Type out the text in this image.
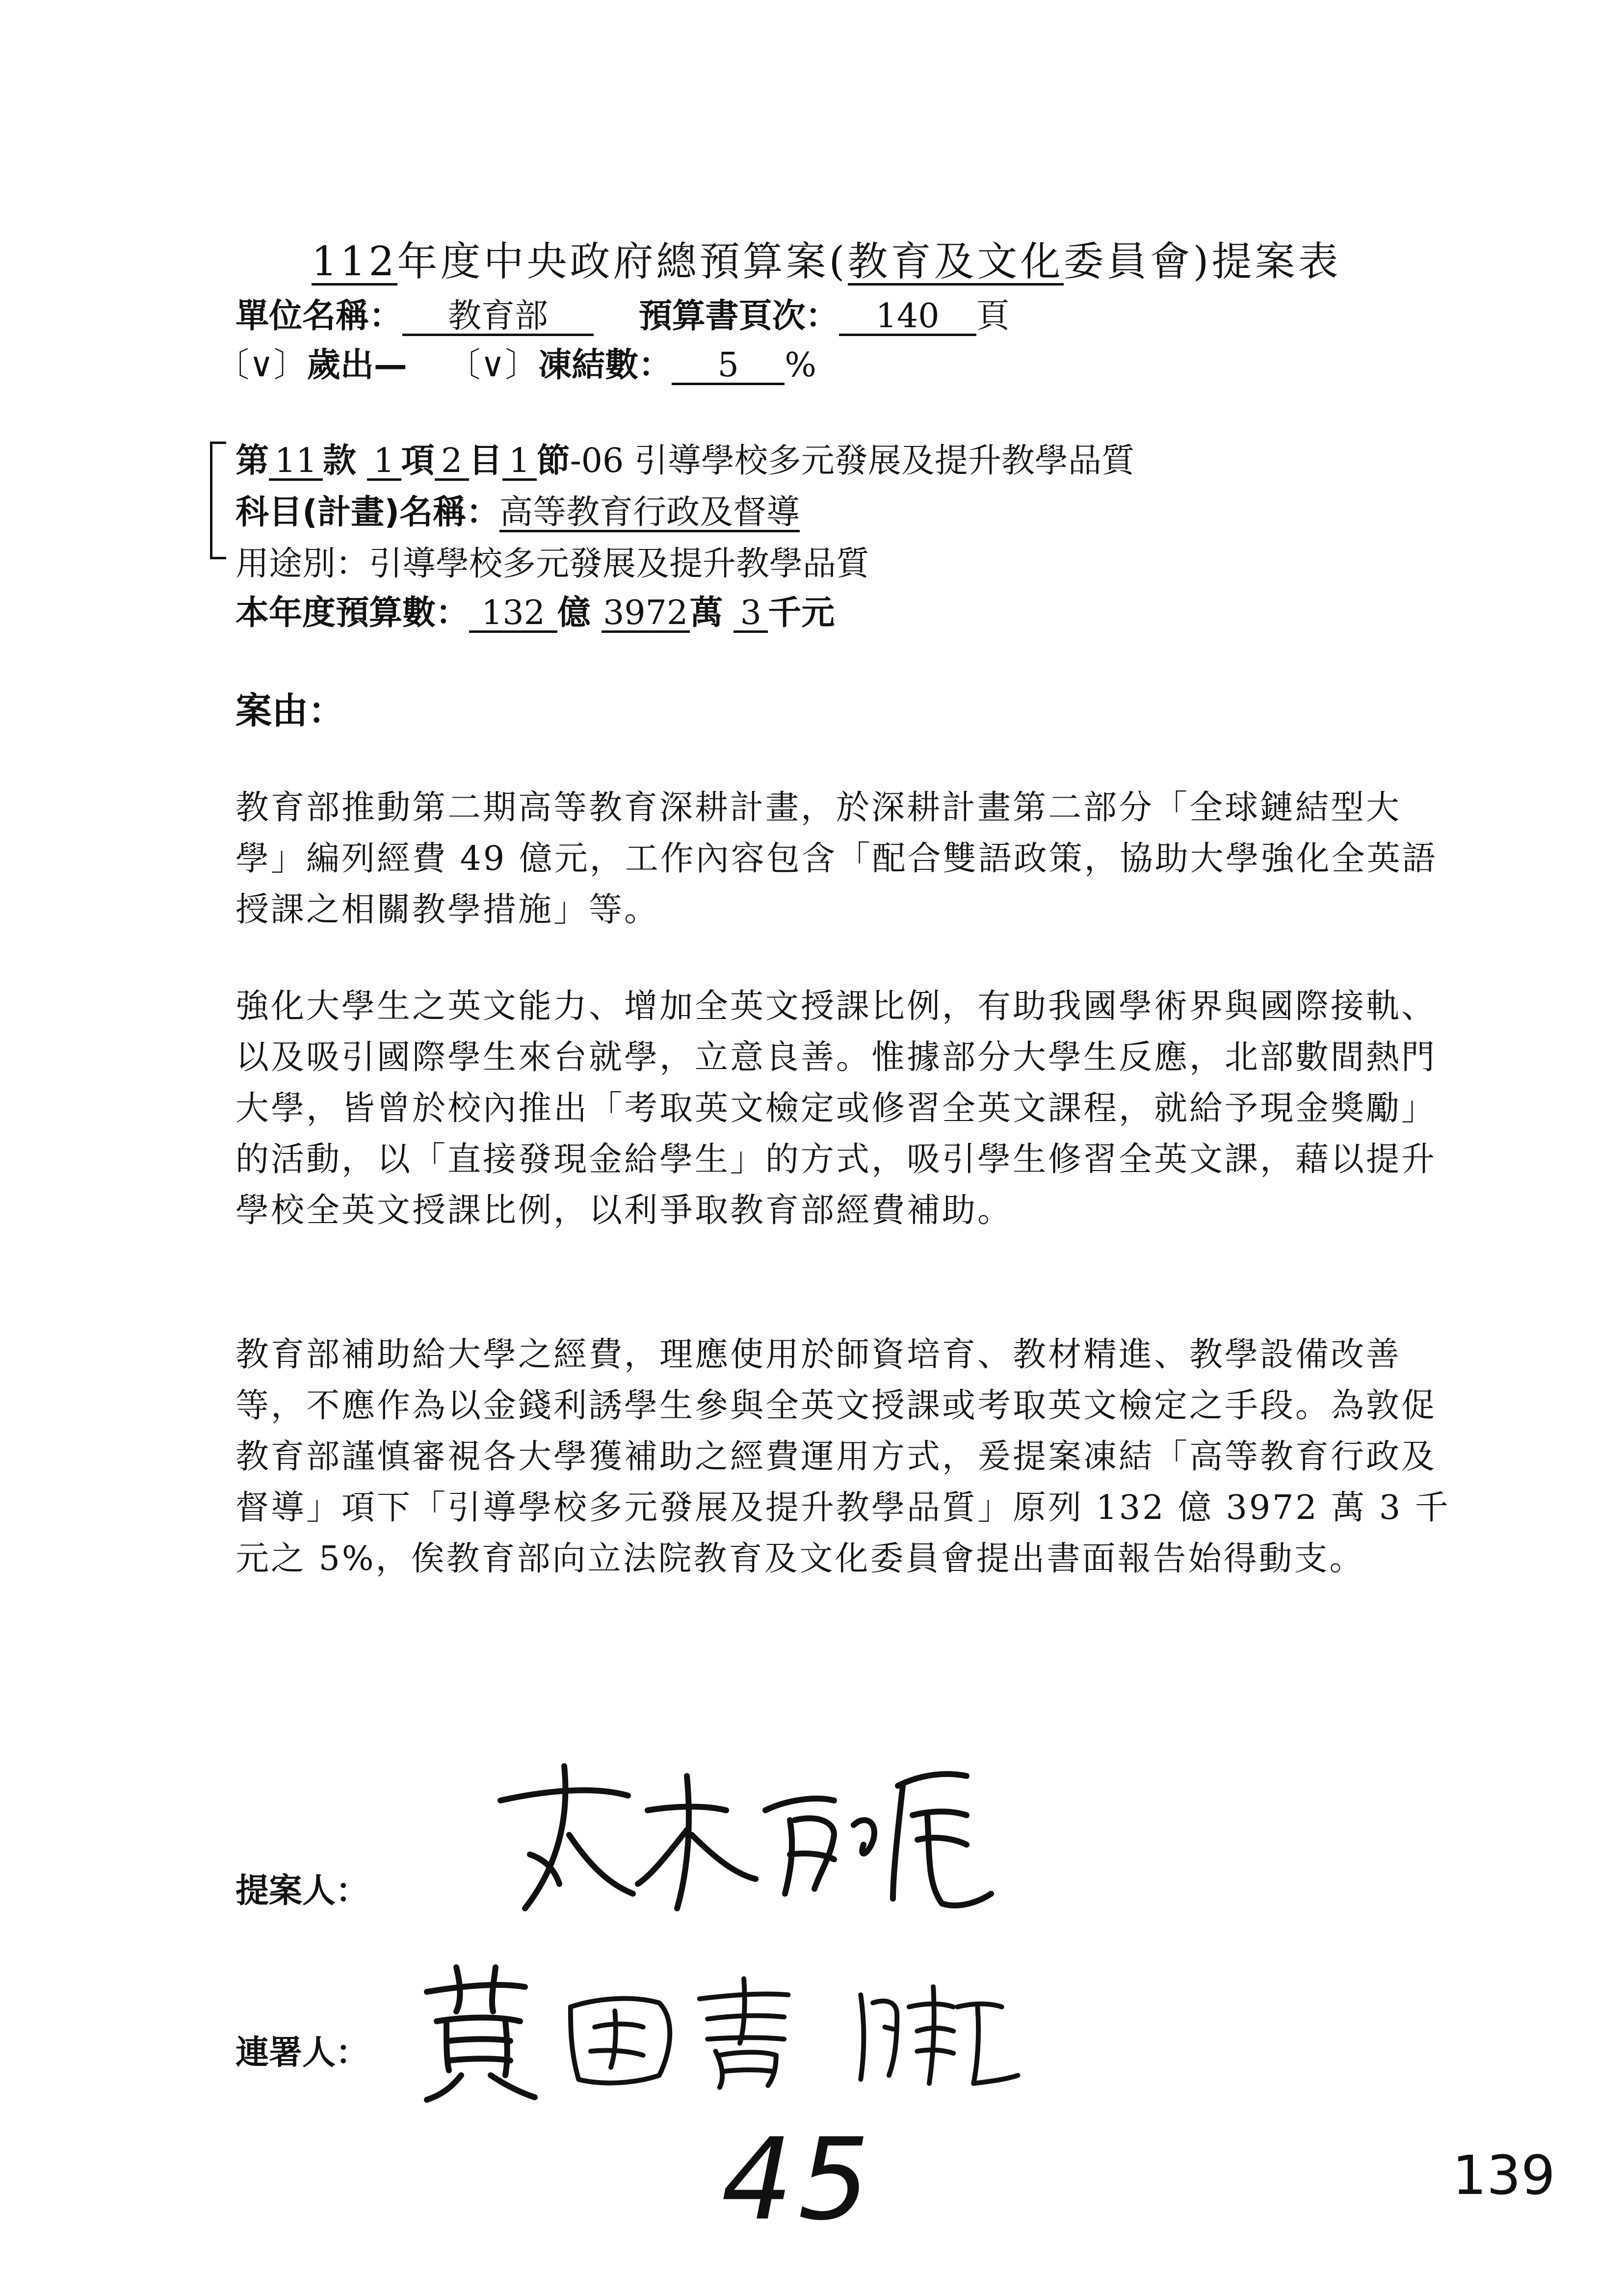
112年度中央政府總預算案(教育及文化委員會)提案表
單位名稱： 教育部	預算書頁次： 140 頁
〔∨〕歲出— 〔∨〕凍結數： 5 %
第 11 款 1 項 2 目 1 節-06 引導學校多元發展及提升教學品質
科目(計畫)名稱：高等教育行政及督導
用途別：引導學校多元發展及提升教學品質
本年度預算數： 132 億 3972萬 3 千元
案由：

教育部推動第二期高等教育深耕計畫，於深耕計畫第二部分「全球鏈結型大學」編列經費 49 億元，工作內容包含「配合雙語政策，協助大學強化全英語授課之相關教學措施」等。

強化大學生之英文能力、增加全英文授課比例，有助我國學術界與國際接軌、以及吸引國際學生來台就學，立意良善。惟據部分大學生反應，北部數間熱門大學，皆曾於校內推出「考取英文檢定或修習全英文課程，就給予現金獎勵」的活動，以「直接發現金給學生」的方式，吸引學生修習全英文課，藉以提升學校全英文授課比例，以利爭取教育部經費補助。

教育部補助給大學之經費，理應使用於師資培育、教材精進、教學設備改善等，不應作為以金錢利誘學生參與全英文授課或考取英文檢定之手段。為敦促教育部謹慎審視各大學獲補助之經費運用方式，爰提案凍結「高等教育行政及督導」項下「引導學校多元發展及提升教學品質」原列 132 億 3972 萬 3 千元之 5%，俟教育部向立法院教育及文化委員會提出書面報告始得動支。

提案人：
連署人：
45	139
